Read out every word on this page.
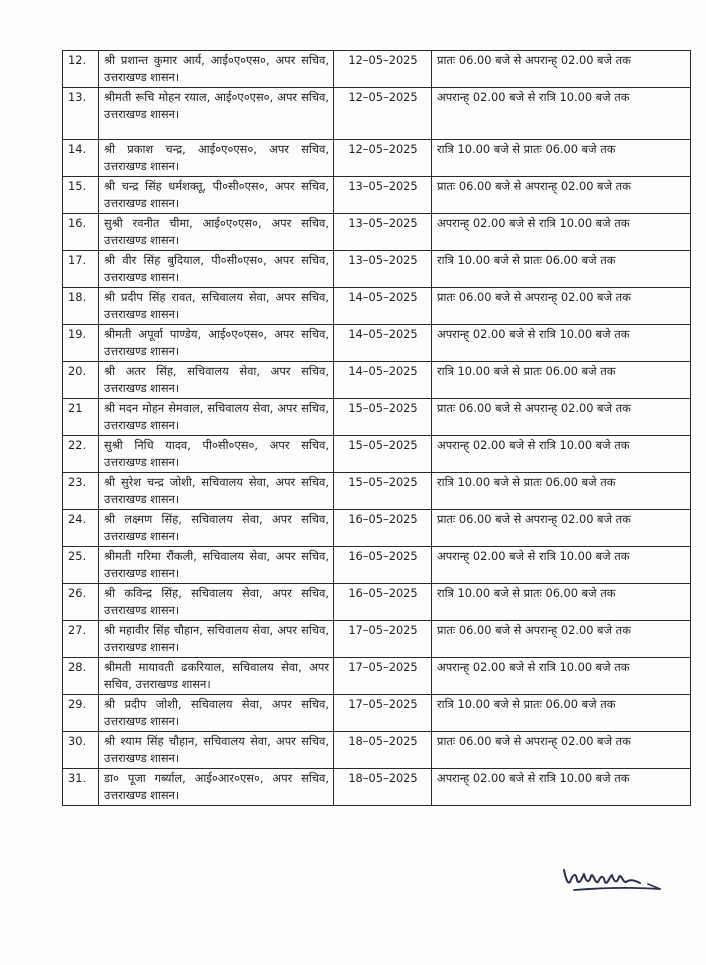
12.	श्री प्रशान्त कुमार आर्य, आई०ए०एस०, अपर सचिव, उत्तराखण्ड शासन।	12–05–2025	प्रातः 06.00 बजे से अपरान्ह् 02.00 बजे तक
13.	श्रीमती रूचि मोहन रयाल, आई०ए०एस०, अपर सचिव, उत्तराखण्ड शासन।	12–05–2025	अपरान्ह् 02.00 बजे से रात्रि 10.00 बजे तक
14.	श्री प्रकाश चन्द्र, आई०ए०एस०, अपर सचिव, उत्तराखण्ड शासन।	12–05–2025	रात्रि 10.00 बजे से प्रातः 06.00 बजे तक
15.	श्री चन्द्र सिंह धर्मशक्तू, पी०सी०एस०, अपर सचिव, उत्तराखण्ड शासन।	13–05–2025	प्रातः 06.00 बजे से अपरान्ह् 02.00 बजे तक
16.	सुश्री रवनीत चीमा, आई०ए०एस०, अपर सचिव, उत्तराखण्ड शासन।	13–05–2025	अपरान्ह् 02.00 बजे से रात्रि 10.00 बजे तक
17.	श्री वीर सिंह बुदियाल, पी०सी०एस०, अपर सचिव, उत्तराखण्ड शासन।	13–05–2025	रात्रि 10.00 बजे से प्रातः 06.00 बजे तक
18.	श्री प्रदीप सिंह रावत, सचिवालय सेवा, अपर सचिव, उत्तराखण्ड शासन।	14–05–2025	प्रातः 06.00 बजे से अपरान्ह् 02.00 बजे तक
19.	श्रीमती अपूर्वा पाण्डेय, आई०ए०एस०, अपर सचिव, उत्तराखण्ड शासन।	14–05–2025	अपरान्ह् 02.00 बजे से रात्रि 10.00 बजे तक
20.	श्री अतर सिंह, सचिवालय सेवा, अपर सचिव, उत्तराखण्ड शासन।	14–05–2025	रात्रि 10.00 बजे से प्रातः 06.00 बजे तक
21	श्री मदन मोहन सेमवाल, सचिवालय सेवा, अपर सचिव, उत्तराखण्ड शासन।	15–05–2025	प्रातः 06.00 बजे से अपरान्ह् 02.00 बजे तक
22.	सुश्री निधि यादव, पी०सी०एस०, अपर सचिव, उत्तराखण्ड शासन।	15–05–2025	अपरान्ह् 02.00 बजे से रात्रि 10.00 बजे तक
23.	श्री सुरेश चन्द्र जोशी, सचिवालय सेवा, अपर सचिव, उत्तराखण्ड शासन।	15–05–2025	रात्रि 10.00 बजे से प्रातः 06.00 बजे तक
24.	श्री लक्ष्मण सिंह, सचिवालय सेवा, अपर सचिव, उत्तराखण्ड शासन।	16–05–2025	प्रातः 06.00 बजे से अपरान्ह् 02.00 बजे तक
25.	श्रीमती गरिमा रौंकली, सचिवालय सेवा, अपर सचिव, उत्तराखण्ड शासन।	16–05–2025	अपरान्ह् 02.00 बजे से रात्रि 10.00 बजे तक
26.	श्री कविन्द्र सिंह, सचिवालय सेवा, अपर सचिव, उत्तराखण्ड शासन।	16–05–2025	रात्रि 10.00 बजे से प्रातः 06.00 बजे तक
27.	श्री महावीर सिंह चौहान, सचिवालय सेवा, अपर सचिव, उत्तराखण्ड शासन।	17–05–2025	प्रातः 06.00 बजे से अपरान्ह् 02.00 बजे तक
28.	श्रीमती मायावती ढकरियाल, सचिवालय सेवा, अपर सचिव, उत्तराखण्ड शासन।	17–05–2025	अपरान्ह् 02.00 बजे से रात्रि 10.00 बजे तक
29.	श्री प्रदीप जोशी, सचिवालय सेवा, अपर सचिव, उत्तराखण्ड शासन।	17–05–2025	रात्रि 10.00 बजे से प्रातः 06.00 बजे तक
30.	श्री श्याम सिंह चौहान, सचिवालय सेवा, अपर सचिव, उत्तराखण्ड शासन।	18–05–2025	प्रातः 06.00 बजे से अपरान्ह् 02.00 बजे तक
31.	डा० पूजा गर्ब्याल, आई०आर०एस०, अपर सचिव, उत्तराखण्ड शासन।	18–05–2025	अपरान्ह् 02.00 बजे से रात्रि 10.00 बजे तक
